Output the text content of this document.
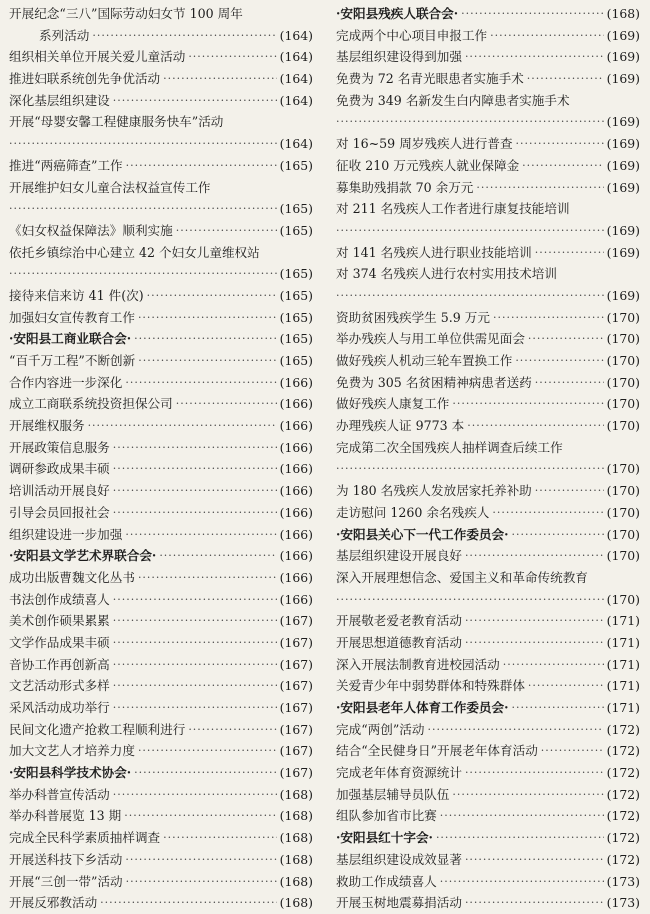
开展纪念“三八”国际劳动妇女节 100 周年
系列活动 ·····	(164)
组织相关单位开展关爱儿童活动 ·····	(164)
推进妇联系统创先争优活动 ·····	(164)
深化基层组织建设 ·····	(164)
开展“母婴安馨工程健康服务快车”活动
·····
(164)
推进“两癌筛查”工作 ·····	(165)
开展维护妇女儿童合法权益宣传工作
·····
(165)
《妇女权益保障法》顺利实施 ·····	(165)
依托乡镇综治中心建立 42 个妇女儿童维权站
·····
(165)
接待来信来访 41 件(次) ·····	(165)
加强妇女宣传教育工作 ·····	(165)
·安阳县工商业联合会· ·····	(165)
“百千万工程”不断创新 ·····	(165)
合作内容进一步深化 ·····	(166)
成立工商联系统投资担保公司 ·····	(166)
开展维权服务 ·····	(166)
开展政策信息服务 ·····	(166)
调研参政成果丰硕 ·····	(166)
培训活动开展良好 ·····	(166)
引导会员回报社会 ·····	(166)
组织建设进一步加强 ·····	(166)
·安阳县文学艺术界联合会· ·····	(166)
成功出版曹魏文化丛书 ·····	(166)
书法创作成绩喜人 ·····	(166)
美术创作硕果累累 ·····	(167)
文学作品成果丰硕 ·····	(167)
音协工作再创新高 ·····	(167)
文艺活动形式多样 ·····	(167)
采风活动成功举行 ·····	(167)
民间文化遗产抢救工程顺利进行 ·····	(167)
加大文艺人才培养力度 ·····	(167)
·安阳县科学技术协会· ·····	(167)
举办科普宣传活动 ·····	(168)
举办科普展览 13 期 ·····	(168)
完成全民科学素质抽样调查 ·····	(168)
开展送科技下乡活动 ·····	(168)
开展“三创一带”活动 ·····	(168)
开展反邪教活动 ·····	(168)
·安阳县残疾人联合会· ·····	(168)
完成两个中心项目申报工作 ·····	(169)
基层组织建设得到加强 ·····	(169)
免费为 72 名青光眼患者实施手术 ·····	(169)
免费为 349 名新发生白内障患者实施手术
·····
(169)
对 16~59 周岁残疾人进行普查 ·····	(169)
征收 210 万元残疾人就业保障金 ·····	(169)
募集助残捐款 70 余万元 ·····	(169)
对 211 名残疾人工作者进行康复技能培训
·····
(169)
对 141 名残疾人进行职业技能培训 ·····	(169)
对 374 名残疾人进行农村实用技术培训
·····
(169)
资助贫困残疾学生 5.9 万元 ·····	(170)
举办残疾人与用工单位供需见面会 ·····	(170)
做好残疾人机动三轮车置换工作 ·····	(170)
免费为 305 名贫困精神病患者送药 ·····	(170)
做好残疾人康复工作 ·····	(170)
办理残疾人证 9773 本 ·····	(170)
完成第二次全国残疾人抽样调查后续工作
·····
(170)
为 180 名残疾人发放居家托养补助 ·····	(170)
走访慰问 1260 余名残疾人 ·····	(170)
·安阳县关心下一代工作委员会· ·····	(170)
基层组织建设开展良好 ·····	(170)
深入开展理想信念、爱国主义和革命传统教育
·····
(170)
开展敬老爱老教育活动 ·····	(171)
开展思想道德教育活动 ·····	(171)
深入开展法制教育进校园活动 ·····	(171)
关爱青少年中弱势群体和特殊群体 ·····	(171)
·安阳县老年人体育工作委员会· ·····	(171)
完成“两创”活动 ·····	(172)
结合“全民健身日”开展老年体育活动 ·····	(172)
完成老年体育资源统计 ·····	(172)
加强基层辅导员队伍 ·····	(172)
组队参加省市比赛 ·····	(172)
·安阳县红十字会· ·····	(172)
基层组织建设成效显著 ·····	(172)
救助工作成绩喜人 ·····	(173)
开展玉树地震募捐活动 ·····	(173)
